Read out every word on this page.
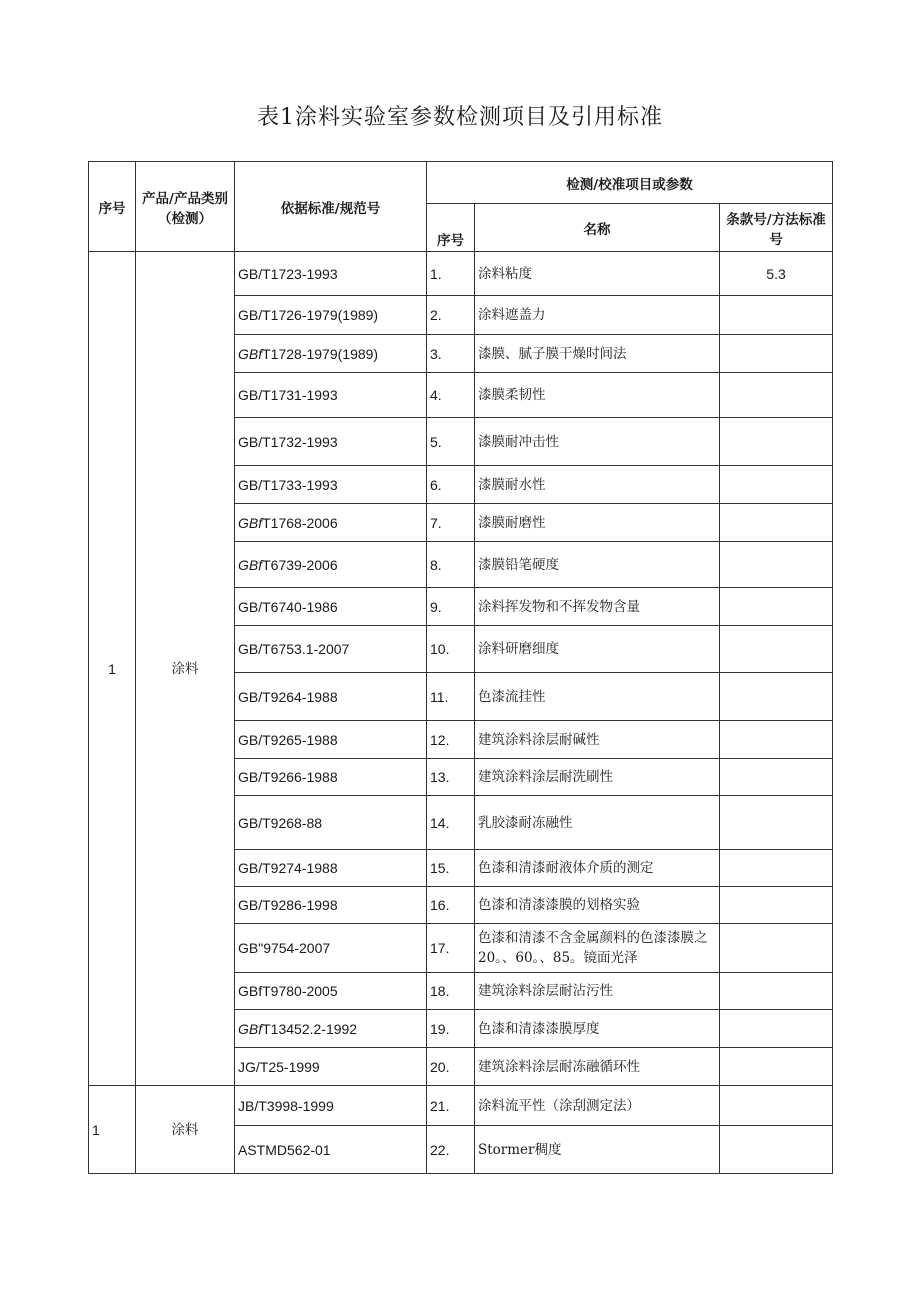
表1涂料实验室参数检测项目及引用标准
序号	产品/产品类别（检测）	依据标准/规范号	检测/校准项目或参数		
			序号	名称	条款号/方法标准号
1	涂料	GB/T1723-1993	1.	涂料粘度	5.3
		GB/T1726-1979(1989)	2.	涂料遮盖力	
		GBfT1728-1979(1989)	3.	漆膜、腻子膜干燥时间法	
		GB/T1731-1993	4.	漆膜柔韧性	
		GB/T1732-1993	5.	漆膜耐冲击性	
		GB/T1733-1993	6.	漆膜耐水性	
		GBfT1768-2006	7.	漆膜耐磨性	
		GBfT6739-2006	8.	漆膜铅笔硬度	
		GB/T6740-1986	9.	涂料挥发物和不挥发物含量	
		GB/T6753.1-2007	10.	涂料研磨细度	
		GB/T9264-1988	11.	色漆流挂性	
		GB/T9265-1988	12.	建筑涂料涂层耐碱性	
		GB/T9266-1988	13.	建筑涂料涂层耐洗刷性	
		GB/T9268-88	14.	乳胶漆耐冻融性	
		GB/T9274-1988	15.	色漆和清漆耐液体介质的测定	
		GB/T9286-1998	16.	色漆和清漆漆膜的划格实验	
		GB"9754-2007	17.	色漆和清漆不含金属颜料的色漆漆膜之20。、60。、85。镜面光泽	
		GBfT9780-2005	18.	建筑涂料涂层耐沾污性	
		GBfT13452.2-1992	19.	色漆和清漆漆膜厚度	
		JG/T25-1999	20.	建筑涂料涂层耐冻融循环性	
1	涂料	JB/T3998-1999	21.	涂料流平性（涂刮测定法）	
		ASTMD562-01	22.	Stormer稠度	
